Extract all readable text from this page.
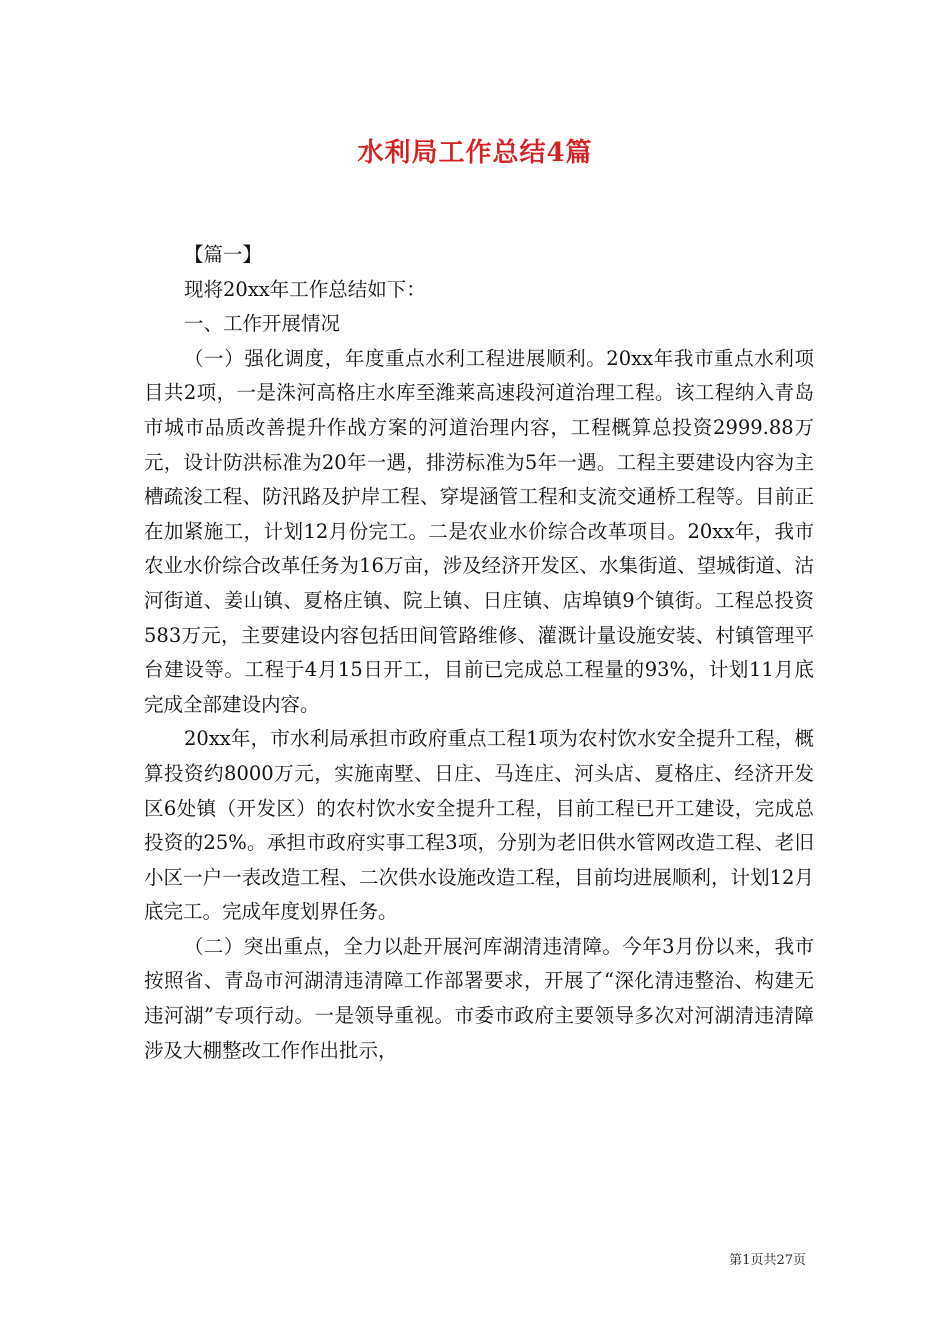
水利局工作总结4篇

【篇一】

现将20xx年工作总结如下：

一、工作开展情况

（一）强化调度，年度重点水利工程进展顺利。20xx年我市重点水利项目共2项，一是洙河高格庄水库至潍莱高速段河道治理工程。该工程纳入青岛市城市品质改善提升作战方案的河道治理内容，工程概算总投资2999.88万元，设计防洪标准为20年一遇，排涝标准为5年一遇。工程主要建设内容为主槽疏浚工程、防汛路及护岸工程、穿堤涵管工程和支流交通桥工程等。目前正在加紧施工，计划12月份完工。二是农业水价综合改革项目。20xx年，我市农业水价综合改革任务为16万亩，涉及经济开发区、水集街道、望城街道、沽河街道、姜山镇、夏格庄镇、院上镇、日庄镇、店埠镇9个镇街。工程总投资583万元，主要建设内容包括田间管路维修、灌溉计量设施安装、村镇管理平台建设等。工程于4月15日开工，目前已完成总工程量的93%，计划11月底完成全部建设内容。

20xx年，市水利局承担市政府重点工程1项为农村饮水安全提升工程，概算投资约8000万元，实施南墅、日庄、马连庄、河头店、夏格庄、经济开发区6处镇（开发区）的农村饮水安全提升工程，目前工程已开工建设，完成总投资的25%。承担市政府实事工程3项，分别为老旧供水管网改造工程、老旧小区一户一表改造工程、二次供水设施改造工程，目前均进展顺利，计划12月底完工。完成年度划界任务。

（二）突出重点，全力以赴开展河库湖清违清障。今年3月份以来，我市按照省、青岛市河湖清违清障工作部署要求，开展了“深化清违整治、构建无违河湖”专项行动。一是领导重视。市委市政府主要领导多次对河湖清违清障涉及大棚整改工作作出批示，

第1页共27页
